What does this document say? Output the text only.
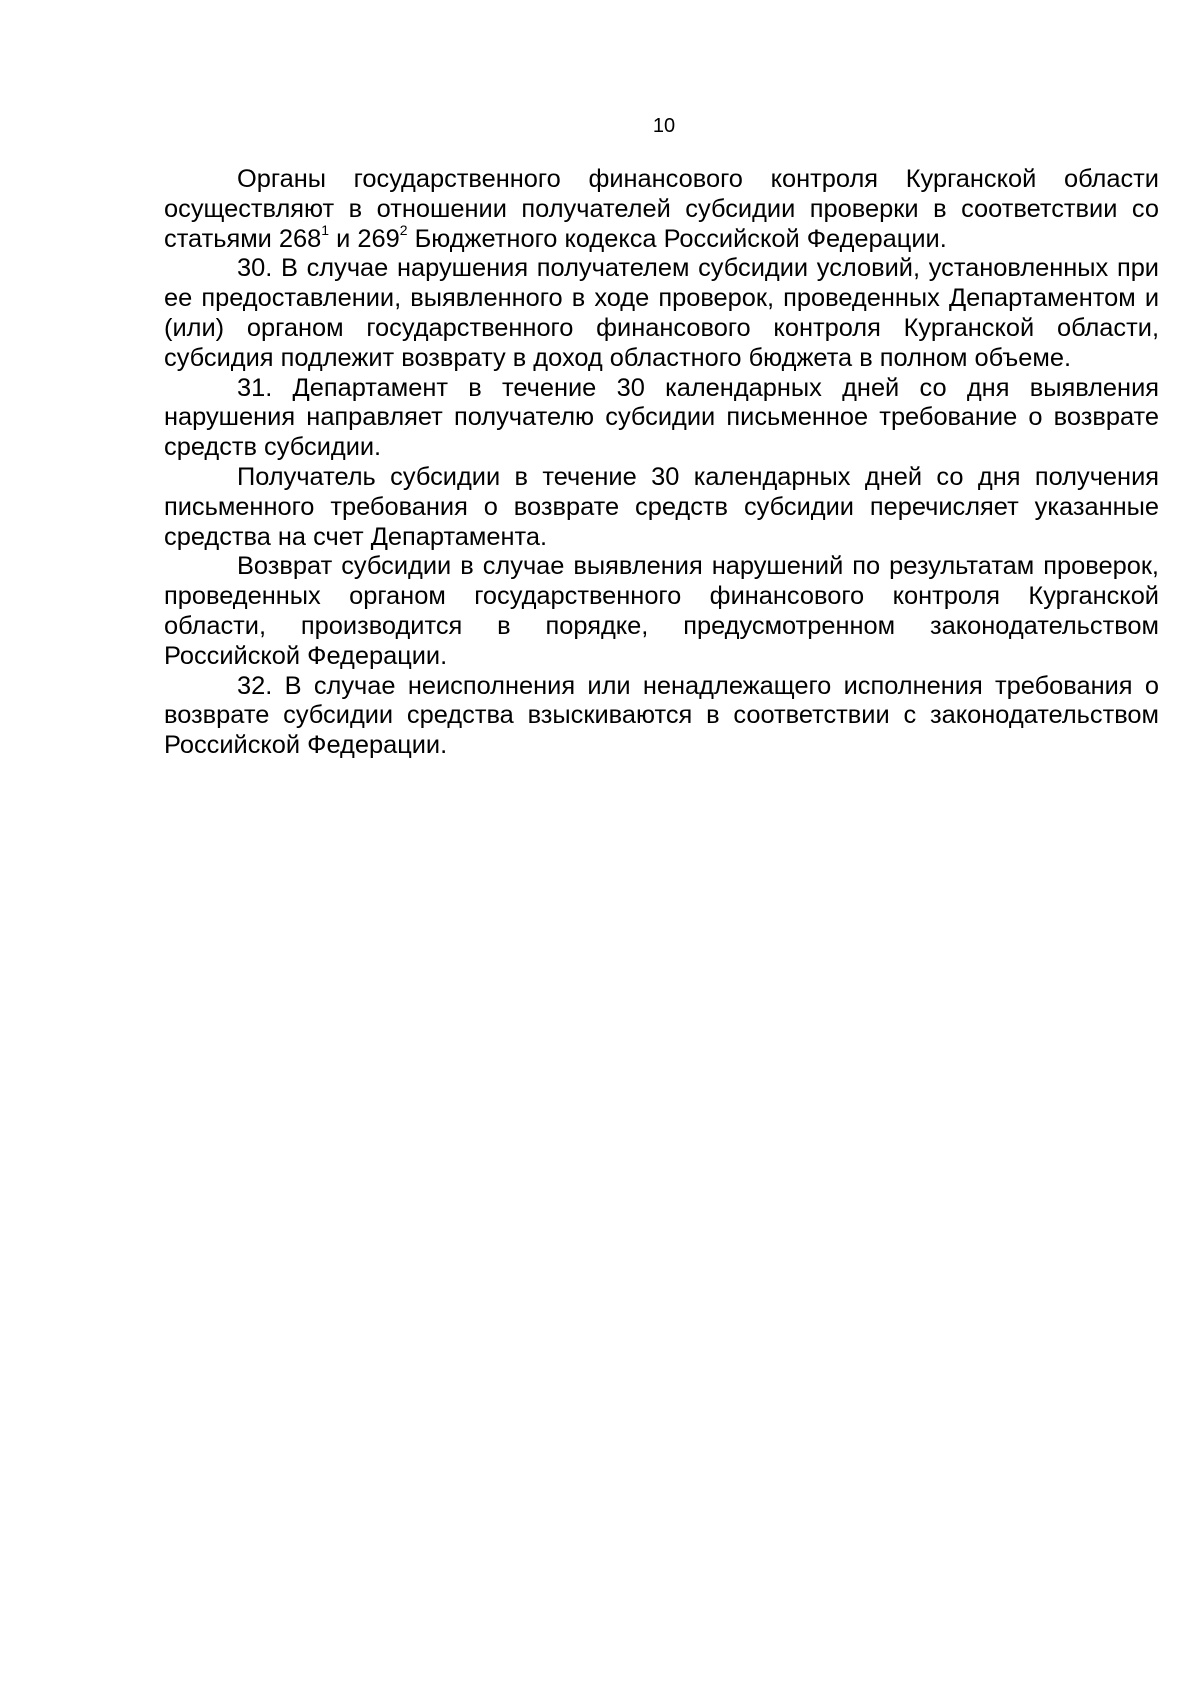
10

Органы государственного финансового контроля Курганской области осуществляют в отношении получателей субсидии проверки в соответствии со статьями $268^1$ и $269^2$ Бюджетного кодекса Российской Федерации.

30. В случае нарушения получателем субсидии условий, установленных при ее предоставлении, выявленного в ходе проверок, проведенных Департаментом и (или) органом государственного финансового контроля Курганской области, субсидия подлежит возврату в доход областного бюджета в полном объеме.

31. Департамент в течение 30 календарных дней со дня выявления нарушения направляет получателю субсидии письменное требование о возврате средств субсидии.

Получатель субсидии в течение 30 календарных дней со дня получения письменного требования о возврате средств субсидии перечисляет указанные средства на счет Департамента.

Возврат субсидии в случае выявления нарушений по результатам проверок, проведенных органом государственного финансового контроля Курганской области, производится в порядке, предусмотренном законодательством Российской Федерации.

32. В случае неисполнения или ненадлежащего исполнения требования о возврате субсидии средства взыскиваются в соответствии с законодательством Российской Федерации.
